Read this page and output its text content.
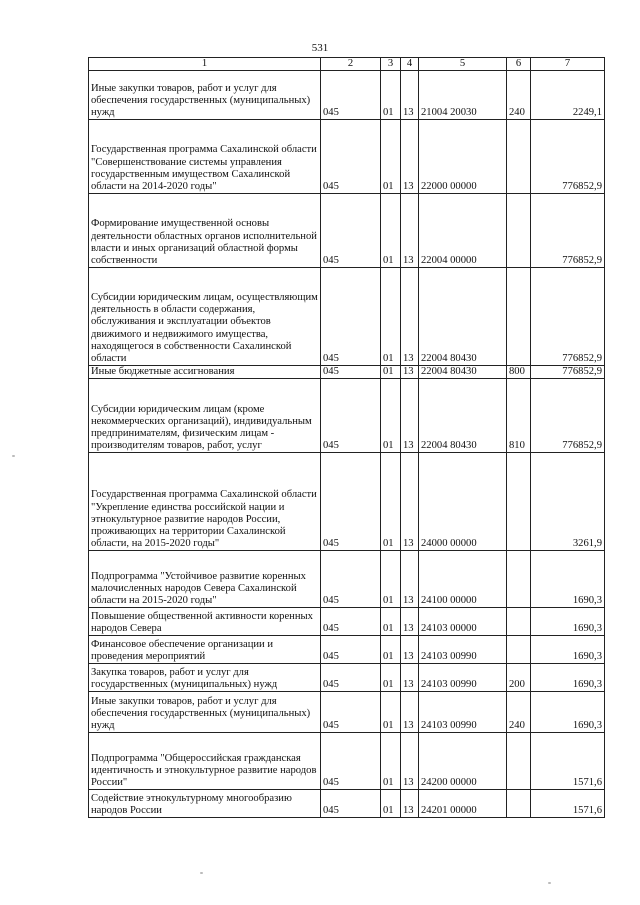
531
1	2	3	4	5	6	7
Иные закупки товаров, работ и услуг для обеспечения государственных (муниципальных) нужд	045	01	13	21004 20030	240	2249,1
Государственная программа Сахалинской области "Совершенствование системы управления государственным имуществом Сахалинской области на 2014-2020 годы"	045	01	13	22000 00000		776852,9
Формирование имущественной основы деятельности областных органов исполнительной власти и иных организаций областной формы собственности	045	01	13	22004 00000		776852,9
Субсидии юридическим лицам, осуществляющим деятельность в области содержания, обслуживания и эксплуатации объектов движимого и недвижимого имущества, находящегося в собственности Сахалинской области	045	01	13	22004 80430		776852,9
Иные бюджетные ассигнования	045	01	13	22004 80430	800	776852,9
Субсидии юридическим лицам (кроме некоммерческих организаций), индивидуальным предпринимателям, физическим лицам - производителям товаров, работ, услуг	045	01	13	22004 80430	810	776852,9
Государственная программа Сахалинской области "Укрепление единства российской нации и этнокультурное развитие народов России, проживающих на территории Сахалинской области, на 2015-2020 годы"	045	01	13	24000 00000		3261,9
Подпрограмма "Устойчивое развитие коренных малочисленных народов Севера Сахалинской области на 2015-2020 годы"	045	01	13	24100 00000		1690,3
Повышение общественной активности коренных народов Севера	045	01	13	24103 00000		1690,3
Финансовое обеспечение организации и проведения мероприятий	045	01	13	24103 00990		1690,3
Закупка товаров, работ и услуг для государственных (муниципальных) нужд	045	01	13	24103 00990	200	1690,3
Иные закупки товаров, работ и услуг для обеспечения государственных (муниципальных) нужд	045	01	13	24103 00990	240	1690,3
Подпрограмма "Общероссийская гражданская идентичность и этнокультурное развитие народов России"	045	01	13	24200 00000		1571,6
Содействие этнокультурному многообразию народов России	045	01	13	24201 00000		1571,6
